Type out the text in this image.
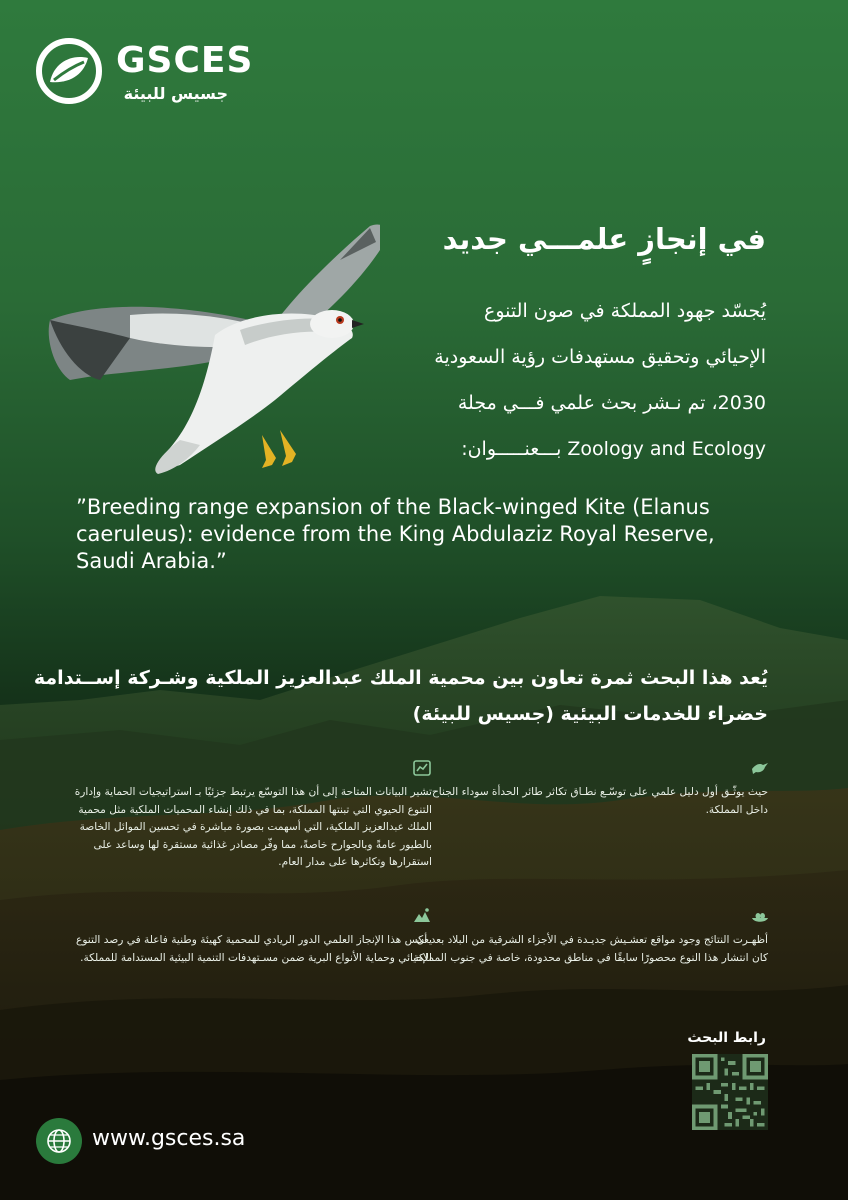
GSCES
جسيس للبيئة
في إنجازٍ علمـــي جديد

يُجسّد جهود المملكة في صون التنوع

الإحيائي وتحقيق مستهدفات رؤية السعودية

2030، تم نـشر بحث علمي فـــي مجلة

Zoology and Ecology بـــعنـــــوان:

”Breeding range expansion of the Black-winged Kite (Elanus caeruleus): evidence from the King Abdulaziz Royal Reserve, Saudi Arabia.”

يُعد هذا البحث ثمرة تعاون بين محمية الملك عبدالعزيز الملكية وشـركة إســتدامة

خضراء للخدمات البيئية (جسيس للبيئة)

حيث يوثّـق أول دليل علمي على توسّـع نطـاق تكاثر طائر الحدأة سوداء الجناح داخل المملكة.

تشير البيانات المتاحة إلى أن هذا التوسّع يرتبط جزئيًا بـ استراتيجيات الحماية وإدارة التنوع الحيوي التي تبنتها المملكة، بما في ذلك إنشاء المحميات الملكية مثل محمية الملك عبدالعزيز الملكية، التي أسهمت بصورة مباشرة في تحسين الموائل الخاصة بالطيور عامةً وبالجوارح خاصةً، مما وفّر مصادر غذائية مستقرة لها وساعد على استقرارها وتكاثرها على مدار العام.

أظهـرت النتائج وجود مواقع تعشـيش جديـدة في الأجزاء الشرقية من البلاد بعد أن كان انتشار هذا النوع محصورًا سابقًا في مناطق محدودة، خاصة في جنوب المملكة.

يعكس هذا الإنجاز العلمي الدور الريادي للمحمية كهيئة وطنية فاعلة في رصد التنوع الإحيائي وحماية الأنواع البرية ضمن مسـتهدفات التنمية البيئية المستدامة للمملكة.

رابط البحث
www.gsces.sa
